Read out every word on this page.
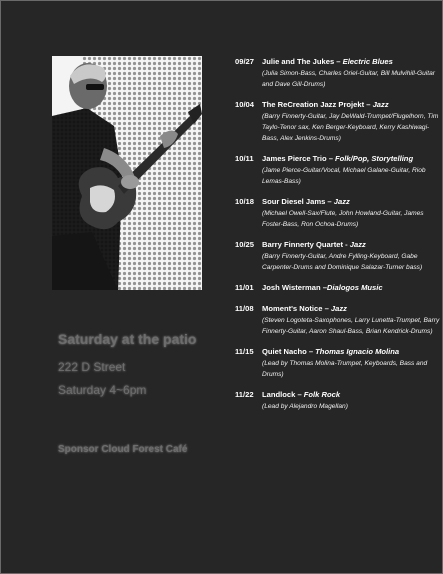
Saturday at the patio
222 D Street
Saturday 4~6pm
Sponsor Cloud Forest Café
09/27	Julie and The Jukes – Electric Blues
(Julia Simon-Bass, Charles Oriel-Guitar, Bill Mulvihill-Guitar and Dave Gill-Drums)
10/04	The ReCreation Jazz Projekt – Jazz
(Barry Finnerty-Guitar, Jay DeWald-Trumpet/Flugelhorn, Tim Taylo-Tenor sax, Ken Berger-Keyboard, Kerry Kashiwagi-Bass, Alex Jenkins-Drums)
10/11	James Pierce Trio – Folk/Pop, Storytelling
(Jame Pierce-Guitar/Vocal, Michael Galane-Guitar, Riob Lemas-Bass)
10/18	Sour Diesel Jams – Jazz
(Michael Owell-Sax/Flute, John Howland-Guitar, James Foster-Bass, Ron Ochoa-Drums)
10/25	Barry Finnerty Quartet - Jazz
(Barry Finnerty-Guitar, Andre Fylling-Keyboard, Gabe Carpenter-Drums and Dominique Salazar-Turner bass)
11/01	Josh Wisterman –Dialogos Music
11/08	Moment's Notice – Jazz
(Steven Logoteta-Saxophones, Larry Lunetta-Trumpet, Barry Finnerty-Guitar, Aaron Shaul-Bass, Brian Kendrick-Drums)
11/15	Quiet Nacho – Thomas Ignacio Molina
(Lead by Thomas Molina-Trumpet, Keyboards, Bass and Drums)
11/22	Landlock – Folk Rock
(Lead by Alejandro Magellan)
